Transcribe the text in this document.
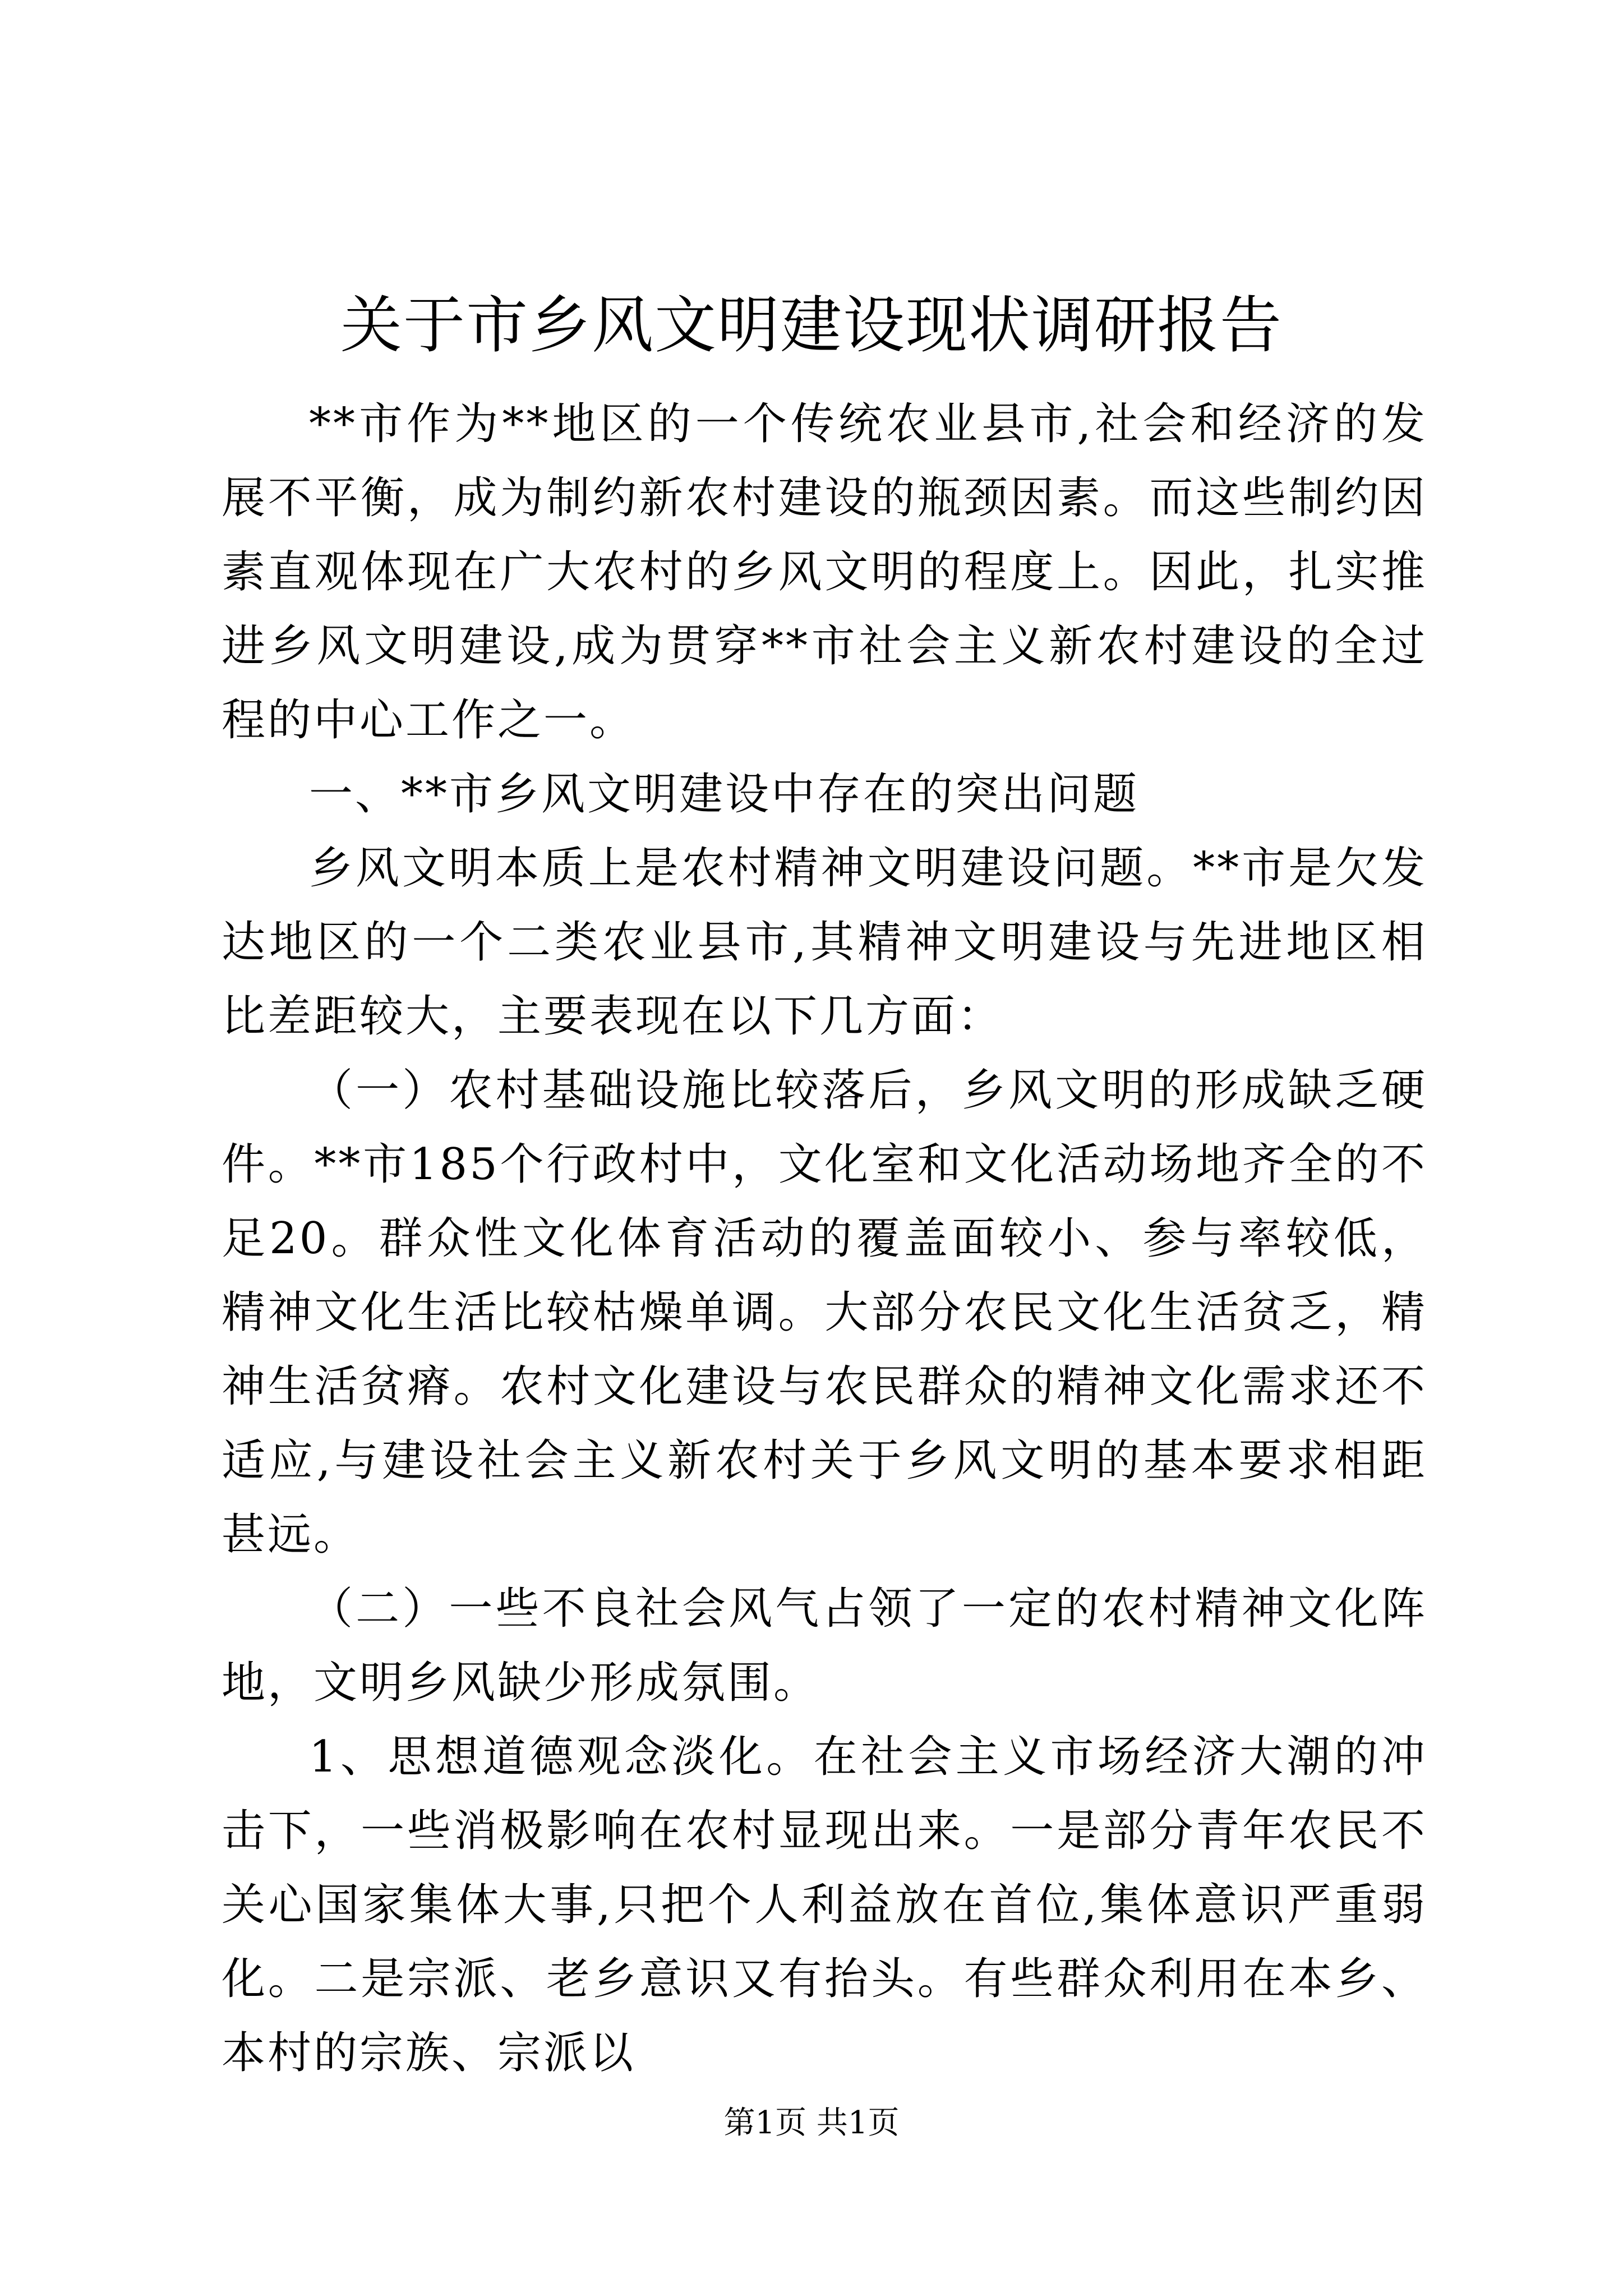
关于市乡风文明建设现状调研报告

**市作为**地区的一个传统农业县市,社会和经济的发展不平衡，成为制约新农村建设的瓶颈因素。而这些制约因素直观体现在广大农村的乡风文明的程度上。因此，扎实推进乡风文明建设,成为贯穿**市社会主义新农村建设的全过程的中心工作之一。

一、**市乡风文明建设中存在的突出问题

乡风文明本质上是农村精神文明建设问题。**市是欠发达地区的一个二类农业县市,其精神文明建设与先进地区相比差距较大，主要表现在以下几方面：

（一）农村基础设施比较落后，乡风文明的形成缺乏硬件。**市185个行政村中，文化室和文化活动场地齐全的不足20。群众性文化体育活动的覆盖面较小、参与率较低，精神文化生活比较枯燥单调。大部分农民文化生活贫乏，精神生活贫瘠。农村文化建设与农民群众的精神文化需求还不适应,与建设社会主义新农村关于乡风文明的基本要求相距甚远。

（二）一些不良社会风气占领了一定的农村精神文化阵地，文明乡风缺少形成氛围。

1、思想道德观念淡化。在社会主义市场经济大潮的冲击下，一些消极影响在农村显现出来。一是部分青年农民不关心国家集体大事,只把个人利益放在首位,集体意识严重弱化。二是宗派、老乡意识又有抬头。有些群众利用在本乡、本村的宗族、宗派以

第1页 共1页
